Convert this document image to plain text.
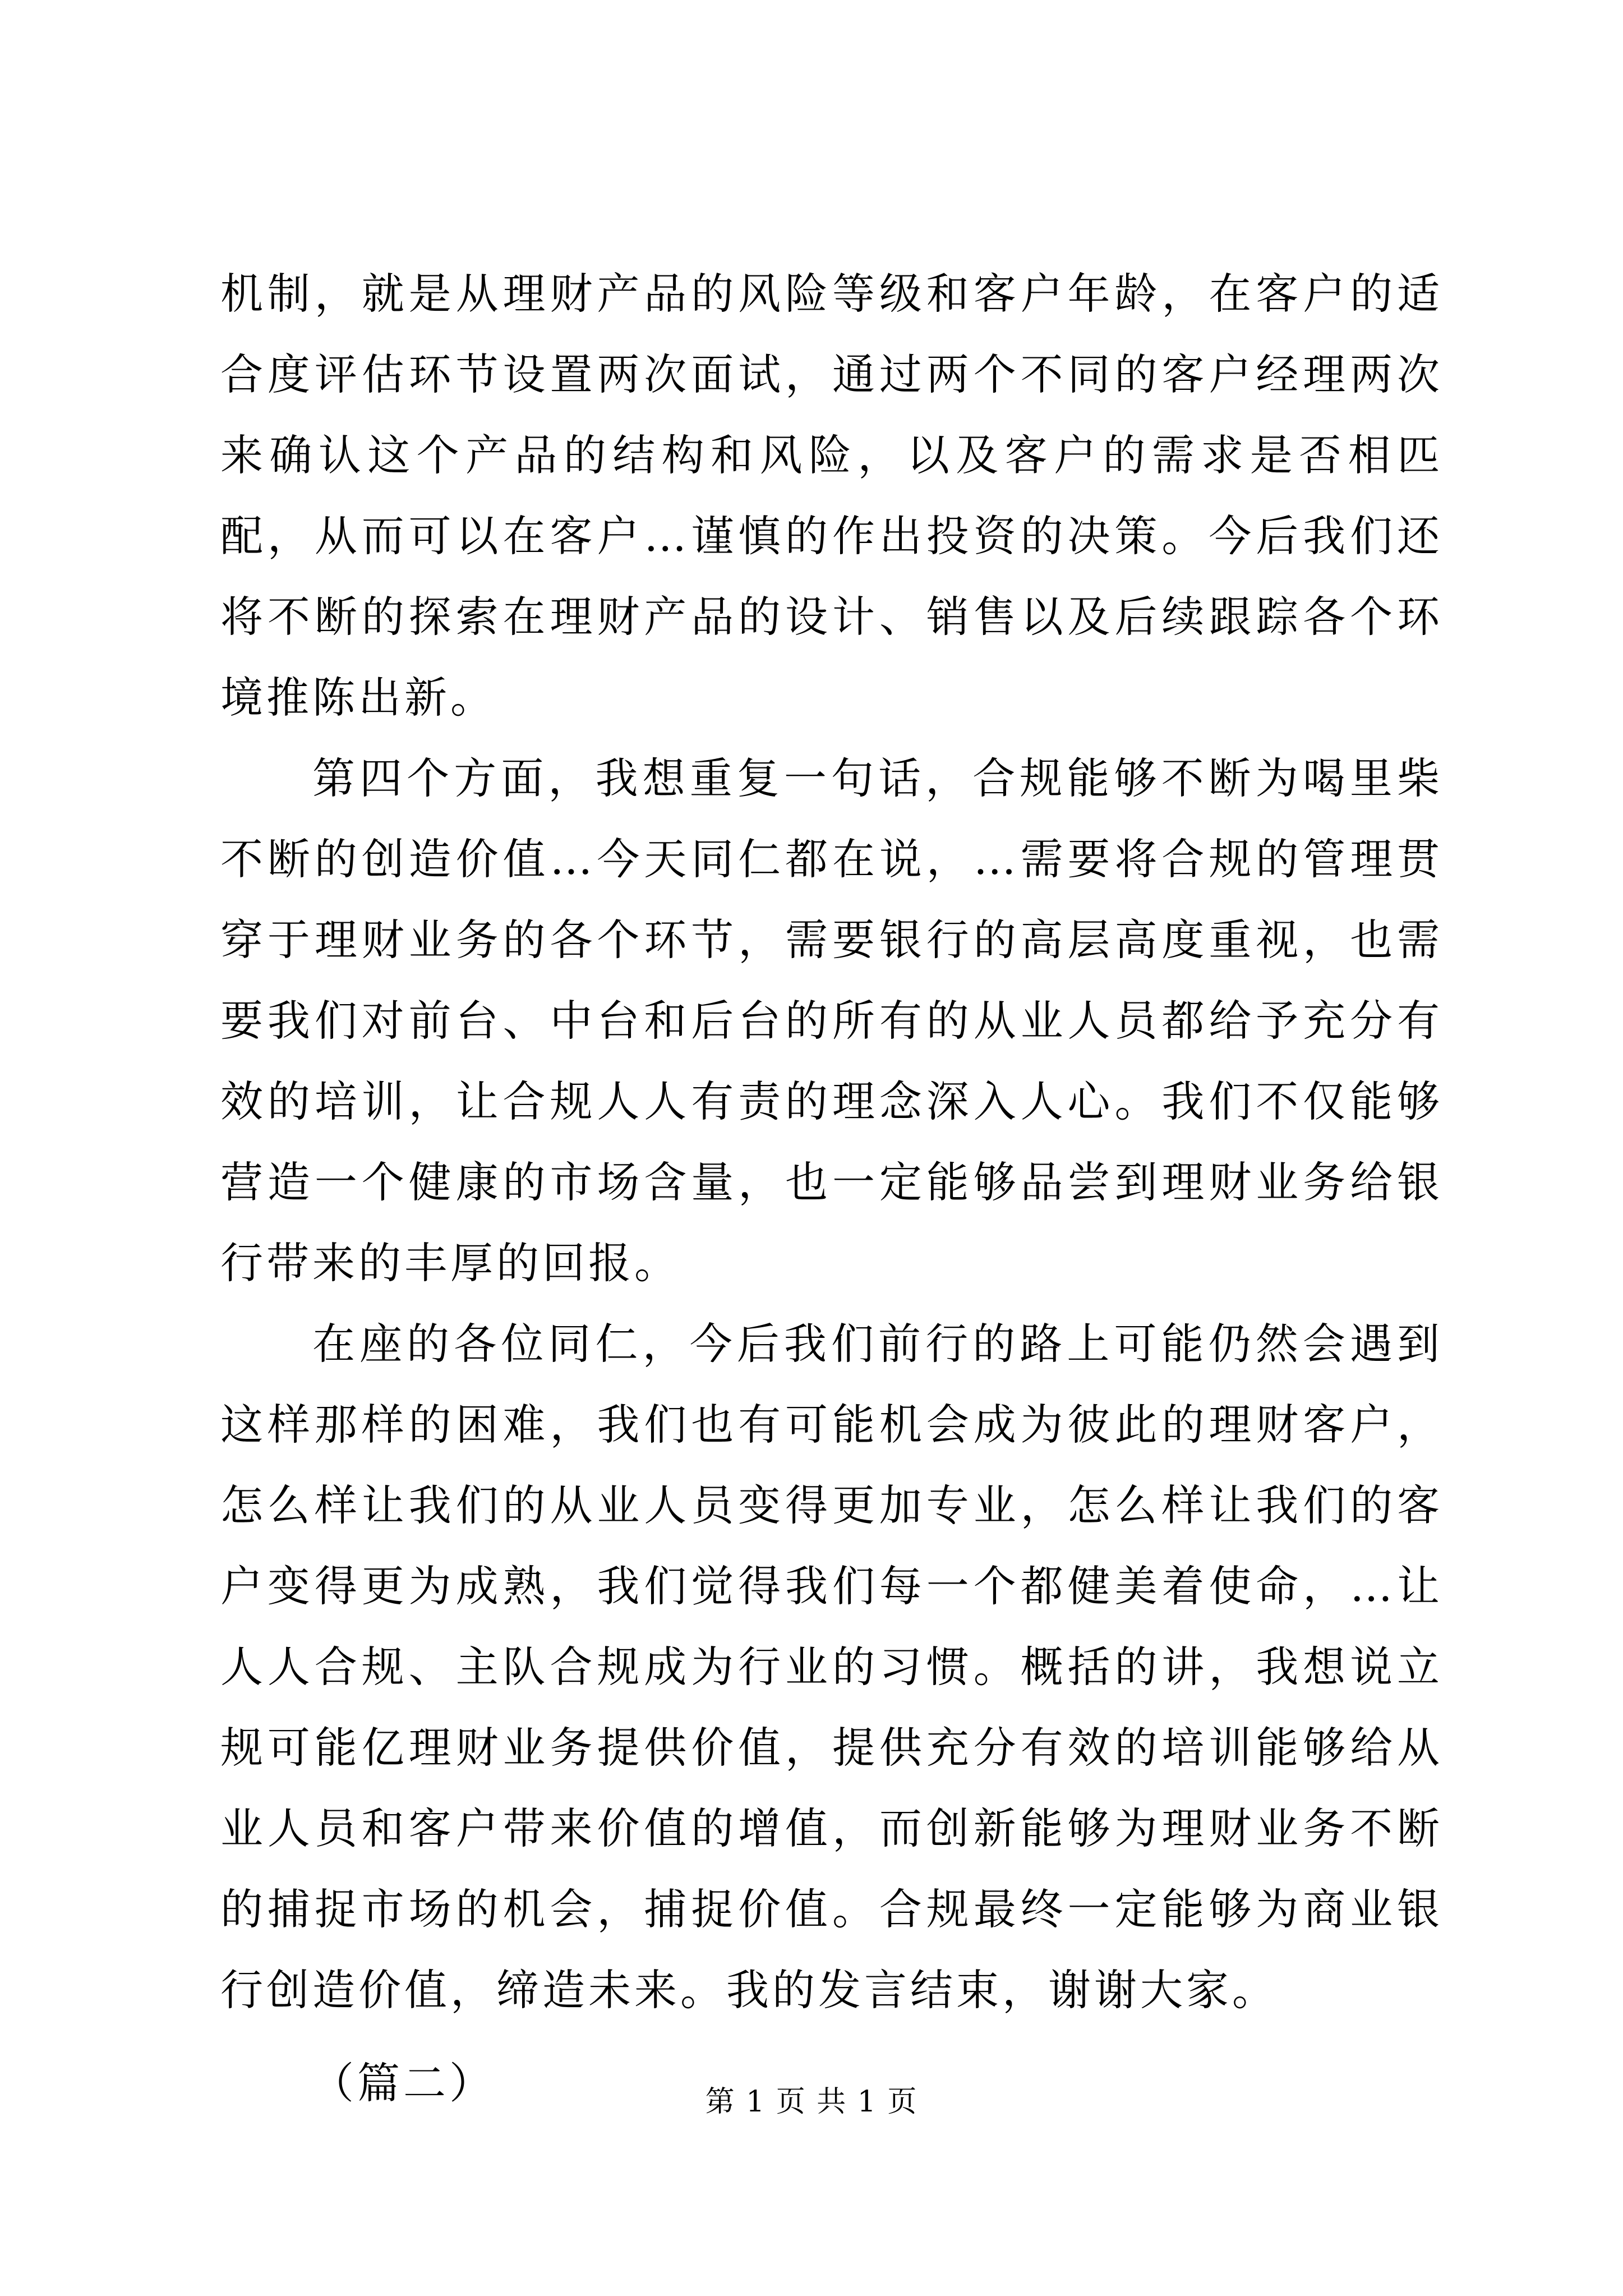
机制，就是从理财产品的风险等级和客户年龄，在客户的适合度评估环节设置两次面试，通过两个不同的客户经理两次来确认这个产品的结构和风险，以及客户的需求是否相匹配，从而可以在客户…谨慎的作出投资的决策。今后我们还将不断的探索在理财产品的设计、销售以及后续跟踪各个环境推陈出新。

第四个方面，我想重复一句话，合规能够不断为喝里柴不断的创造价值…今天同仁都在说，…需要将合规的管理贯穿于理财业务的各个环节，需要银行的高层高度重视，也需要我们对前台、中台和后台的所有的从业人员都给予充分有效的培训，让合规人人有责的理念深入人心。我们不仅能够营造一个健康的市场含量，也一定能够品尝到理财业务给银行带来的丰厚的回报。

在座的各位同仁，今后我们前行的路上可能仍然会遇到这样那样的困难，我们也有可能机会成为彼此的理财客户，怎么样让我们的从业人员变得更加专业，怎么样让我们的客户变得更为成熟，我们觉得我们每一个都健美着使命，…让人人合规、主队合规成为行业的习惯。概括的讲，我想说立规可能亿理财业务提供价值，提供充分有效的培训能够给从业人员和客户带来价值的增值，而创新能够为理财业务不断的捕捉市场的机会，捕捉价值。合规最终一定能够为商业银行创造价值，缔造未来。我的发言结束，谢谢大家。

（篇二）	第 1 页 共 1 页
